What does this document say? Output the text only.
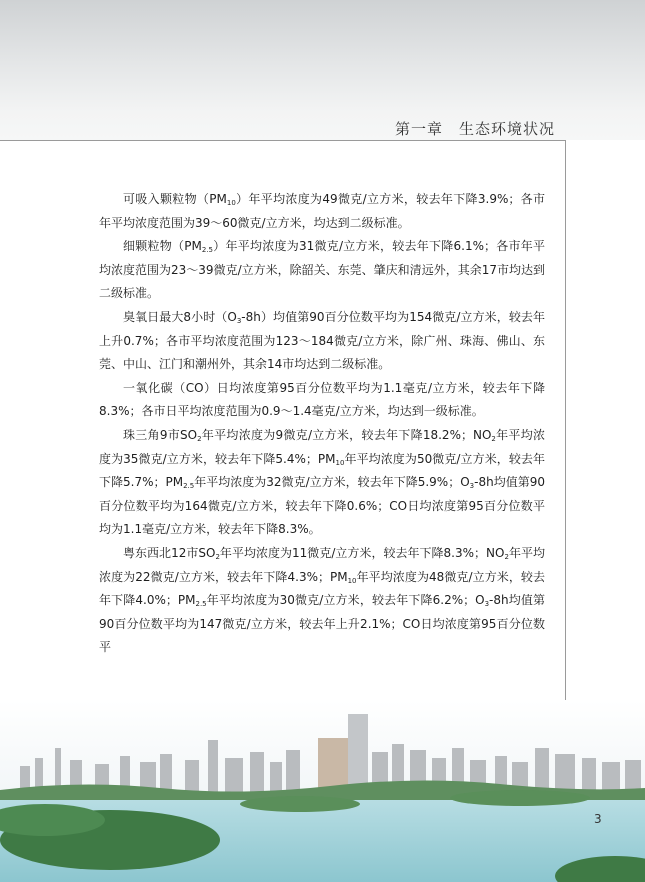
第一章　生态环境状况

可吸入颗粒物$(PM_{10})$年平均浓度为49微克/立方米，较去年下降3.9%；各市年平均浓度范围为39～60微克/立方米，均达到二级标准。

细颗粒物$(PM_{2.5})$年平均浓度为31微克/立方米，较去年下降6.1%；各市年平均浓度范围为23～39微克/立方米，除韶关、东莞、肇庆和清远外，其余17市均达到二级标准。

臭氧日最大8小时$(O_3-8h)$均值第90百分位数平均为154微克/立方米，较去年上升0.7%；各市平均浓度范围为123～184微克/立方米，除广州、珠海、佛山、东莞、中山、江门和潮州外，其余14市均达到二级标准。

一氧化碳（CO）日均浓度第95百分位数平均为1.1毫克/立方米，较去年下降8.3%；各市日平均浓度范围为0.9～1.4毫克/立方米，均达到一级标准。

珠三角9市$SO_2$年平均浓度为9微克/立方米，较去年下降18.2%；$NO_2$年平均浓度为35微克/立方米，较去年下降5.4%；$PM_{10}$年平均浓度为50微克/立方米，较去年下降5.7%；$PM_{2.5}$年平均浓度为32微克/立方米，较去年下降5.9%；$O_3-8h$均值第90百分位数平均为164微克/立方米，较去年下降0.6%；CO日均浓度第95百分位数平均为1.1毫克/立方米，较去年下降8.3%。

粤东西北12市$SO_2$年平均浓度为11微克/立方米，较去年下降8.3%；$NO_2$年平均浓度为22微克/立方米，较去年下降4.3%；$PM_{10}$年平均浓度为48微克/立方米，较去年下降4.0%；$PM_{2.5}$年平均浓度为30微克/立方米，较去年下降6.2%；$O_3-8h$均值第90百分位数平均为147微克/立方米，较去年上升2.1%；CO日均浓度第95百分位数平

3
